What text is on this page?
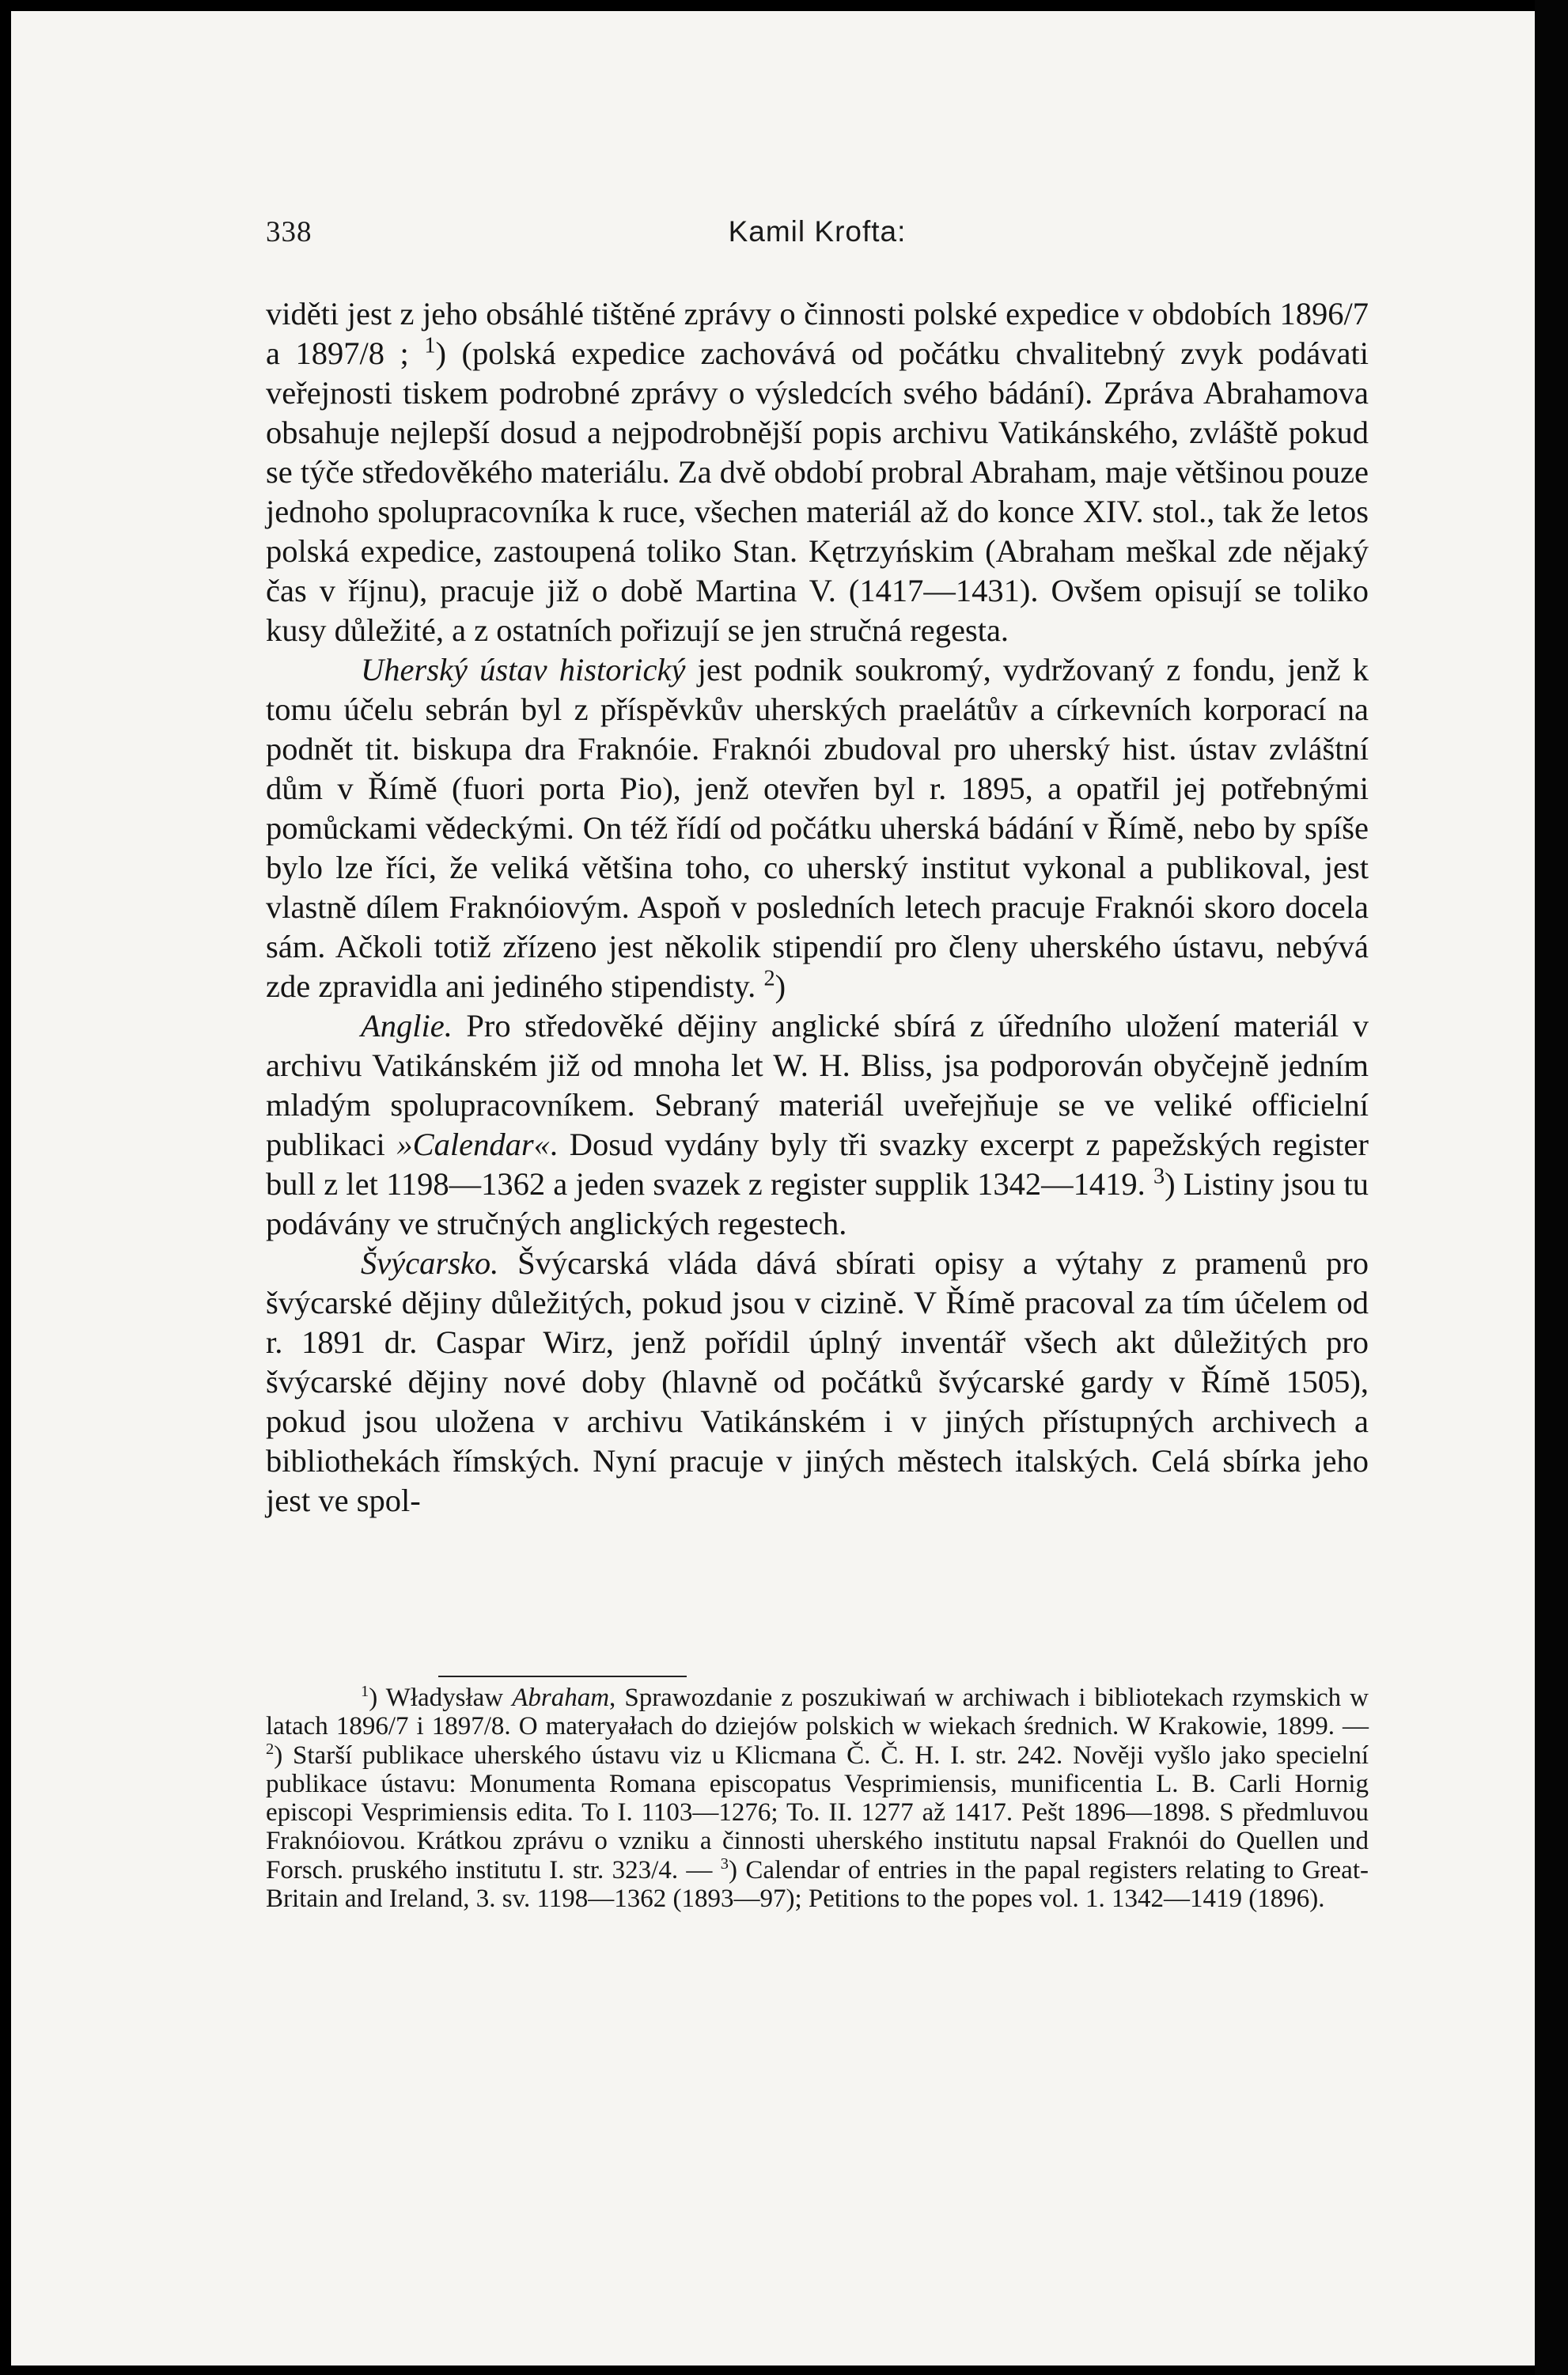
338	Kamil Krofta:

viděti jest z jeho obsáhlé tištěné zprávy o činnosti polské expedice v obdobích 1896/7 a 1897/8 ; $^1$) (polská expedice zachovává od počátku chvalitebný zvyk podávati veřejnosti tiskem podrobné zprávy o výsledcích svého bádání). Zpráva Abrahamova obsahuje nejlepší dosud a nejpodrobnější popis archivu Vatikánského, zvláště pokud se týče středověkého materiálu. Za dvě období probral Abraham, maje většinou pouze jednoho spolupracovníka k ruce, všechen materiál až do konce XIV. stol., tak že letos polská expedice, zastoupená toliko Stan. Kętrzyńskim (Abraham meškal zde nějaký čas v říjnu), pracuje již o době Martina V. (1417—1431). Ovšem opisují se toliko kusy důležité, a z ostatních pořizují se jen stručná regesta.

Uherský ústav historický jest podnik soukromý, vydržovaný z fondu, jenž k tomu účelu sebrán byl z příspěvkův uherských praelátův a církevních korporací na podnět tit. biskupa dra Fraknóie. Fraknói zbudoval pro uherský hist. ústav zvláštní dům v Římě (fuori porta Pio), jenž otevřen byl r. 1895, a opatřil jej potřebnými pomůckami vědeckými. On též řídí od počátku uherská bádání v Římě, nebo by spíše bylo lze říci, že veliká většina toho, co uherský institut vykonal a publikoval, jest vlastně dílem Fraknóiovým. Aspoň v posledních letech pracuje Fraknói skoro docela sám. Ačkoli totiž zřízeno jest několik stipendií pro členy uherského ústavu, nebývá zde zpravidla ani jediného stipendisty. $^2$)

Anglie. Pro středověké dějiny anglické sbírá z úředního uložení materiál v archivu Vatikánském již od mnoha let W. H. Bliss, jsa podporován obyčejně jedním mladým spolupracovníkem. Sebraný materiál uveřejňuje se ve veliké officielní publikaci »Calendar«. Dosud vydány byly tři svazky excerpt z papežských register bull z let 1198—1362 a jeden svazek z register supplik 1342—1419. $^3$) Listiny jsou tu podávány ve stručných anglických regestech.

Švýcarsko. Švýcarská vláda dává sbírati opisy a výtahy z pramenů pro švýcarské dějiny důležitých, pokud jsou v cizině. V Římě pracoval za tím účelem od r. 1891 dr. Caspar Wirz, jenž pořídil úplný inventář všech akt důležitých pro švýcarské dějiny nové doby (hlavně od počátků švýcarské gardy v Římě 1505), pokud jsou uložena v archivu Vatikánském i v jiných přístupných archivech a bibliothekách římských. Nyní pracuje v jiných městech italských. Celá sbírka jeho jest ve spol-

$^1$) Władysław Abraham, Sprawozdanie z poszukiwań w archiwach i bibliotekach rzymskich w latach 1896/7 i 1897/8. O materyałach do dziejów polskich w wiekach średnich. W Krakowie, 1899. — $^2$) Starší publikace uherského ústavu viz u Klicmana Č. Č. H. I. str. 242. Nověji vyšlo jako specielní publikace ústavu: Monumenta Romana episcopatus Vesprimiensis, munificentia L. B. Carli Hornig episcopi Vesprimiensis edita. To I. 1103—1276; To. II. 1277 až 1417. Pešt 1896—1898. S předmluvou Fraknóiovou. Krátkou zprávu o vzniku a činnosti uherského institutu napsal Fraknói do Quellen und Forsch. pruského institutu I. str. 323/4. — $^3$) Calendar of entries in the papal registers relating to Great-Britain and Ireland, 3. sv. 1198—1362 (1893—97); Petitions to the popes vol. 1. 1342—1419 (1896).
